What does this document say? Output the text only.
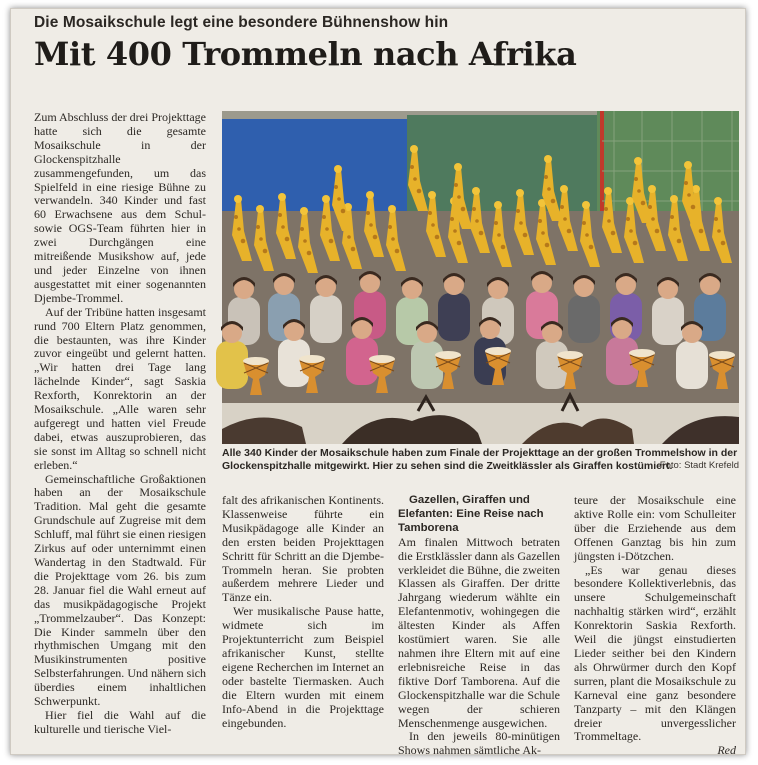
Die Mosaikschule legt eine besondere Bühnenshow hin
Mit 400 Trommeln nach Afrika

Zum Abschluss der drei Projekttage hatte sich die gesamte Mosaikschule in der Glockenspitzhalle zusammengefunden, um das Spielfeld in eine riesige Bühne zu verwandeln. 340 Kinder und fast 60 Erwachsene aus dem Schul- sowie OGS-Team führten hier in zwei Durchgängen eine mitreißende Musikshow auf, jede und jeder Einzelne von ihnen ausgestattet mit einer sogenannten Djembe-Trommel.

Auf der Tribüne hatten insgesamt rund 700 Eltern Platz genommen, die bestaunten, was ihre Kinder zuvor eingeübt und gelernt hatten. „Wir hatten drei Tage lang lächelnde Kinder“, sagt Saskia Rexforth, Konrektorin an der Mosaikschule. „Alle waren sehr aufgeregt und hatten viel Freude dabei, etwas auszuprobieren, das sie sonst im Alltag so schnell nicht erleben.“

Gemeinschaftliche Großaktionen haben an der Mosaikschule Tradition. Mal geht die gesamte Grundschule auf Zugreise mit dem Schluff, mal führt sie einen riesigen Zirkus auf oder unternimmt einen Wandertag in den Stadtwald. Für die Projekttage vom 26. bis zum 28. Januar fiel die Wahl erneut auf das musikpädagogische Projekt „Trommelzauber“. Das Konzept: Die Kinder sammeln über den rhythmischen Umgang mit den Musikinstrumenten positive Selbsterfahrungen. Und nähern sich überdies einem inhaltlichen Schwerpunkt.

Hier fiel die Wahl auf die kulturelle und tierische Viel-

Alle 340 Kinder der Mosaikschule haben zum Finale der Projekttage an der großen Trommelshow in der Glockenspitzhalle mitgewirkt. Hier zu sehen sind die Zweitklässler als Giraffen kostümiert.
Foto: Stadt Krefeld

falt des afrikanischen Kontinents. Klassenweise führte ein Musikpädagoge alle Kinder an den ersten beiden Projekttagen Schritt für Schritt an die Djembe-Trommeln heran. Sie probten außerdem mehrere Lieder und Tänze ein.

Wer musikalische Pause hatte, widmete sich im Projektunterricht zum Beispiel afrikanischer Kunst, stellte eigene Recherchen im Internet an oder bastelte Tiermasken. Auch die Eltern wurden mit einem Info-Abend in die Projekttage eingebunden.

Gazellen, Giraffen und Elefanten: Eine Reise nach Tamborena

Am finalen Mittwoch betraten die Erstklässler dann als Gazellen verkleidet die Bühne, die zweiten Klassen als Giraffen. Der dritte Jahrgang wiederum wählte ein Elefantenmotiv, wohingegen die ältesten Kinder als Affen kostümiert waren. Sie alle nahmen ihre Eltern mit auf eine erlebnisreiche Reise in das fiktive Dorf Tamborena. Auf die Glockenspitzhalle war die Schule wegen der schieren Menschenmenge ausgewichen.

In den jeweils 80-minütigen Shows nahmen sämtliche Ak-

teure der Mosaikschule eine aktive Rolle ein: vom Schulleiter über die Erziehende aus dem Offenen Ganztag bis hin zum jüngsten i-Dötzchen.

„Es war genau dieses besondere Kollektiverlebnis, das unsere Schulgemeinschaft nachhaltig stärken wird“, erzählt Konrektorin Saskia Rexforth. Weil die jüngst einstudierten Lieder seither bei den Kindern als Ohrwürmer durch den Kopf surren, plant die Mosaikschule zu Karneval eine ganz besondere Tanzparty – mit den Klängen dreier unvergesslicher Trommeltage.

Red
